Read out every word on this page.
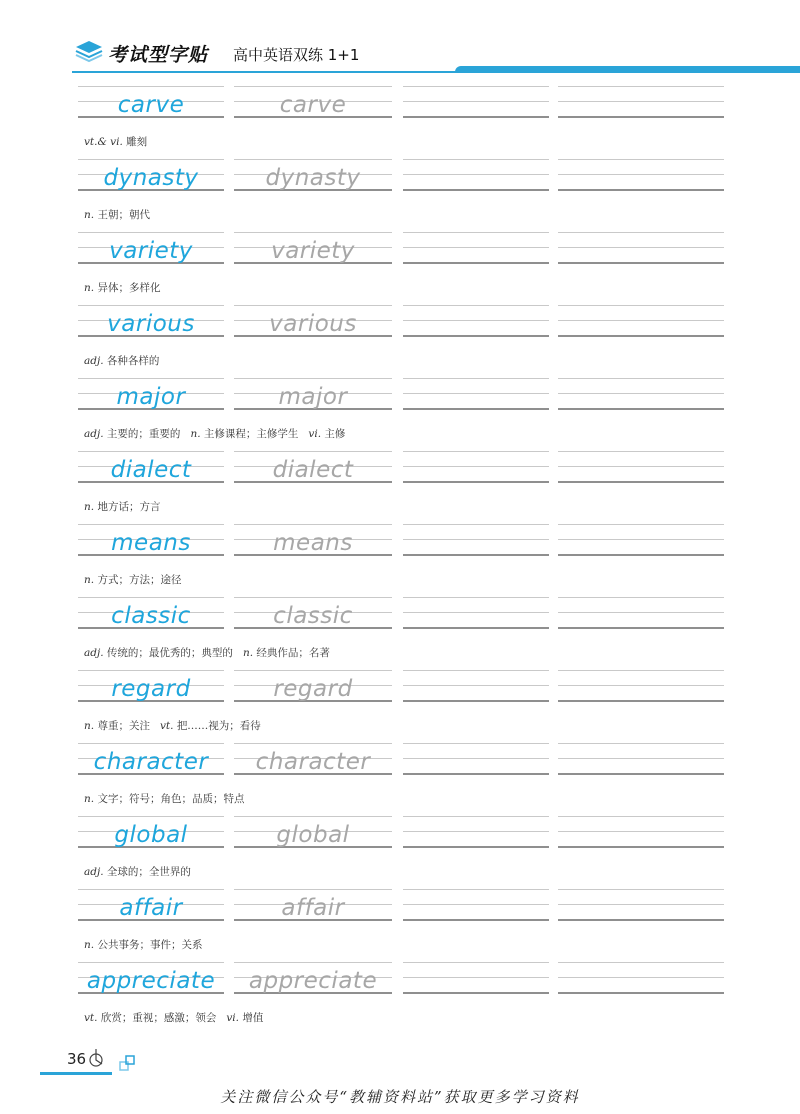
考试型字贴 高中英语双练 1+1
carve	carve
vt.& vi. 雕刻
dynasty	dynasty
n. 王朝；朝代
variety	variety
n. 异体；多样化
various	various
adj. 各种各样的
major	major
adj. 主要的；重要的 n. 主修课程；主修学生 vi. 主修
dialect	dialect
n. 地方话；方言
means	means
n. 方式；方法；途径
classic	classic
adj. 传统的；最优秀的；典型的 n. 经典作品；名著
regard	regard
n. 尊重；关注 vt. 把……视为；看待
character	character
n. 文字；符号；角色；品质；特点
global	global
adj. 全球的；全世界的
affair	affair
n. 公共事务；事件；关系
appreciate	appreciate
vt. 欣赏；重视；感激；领会 vi. 增值
36
关注微信公众号“教辅资料站”获取更多学习资料
